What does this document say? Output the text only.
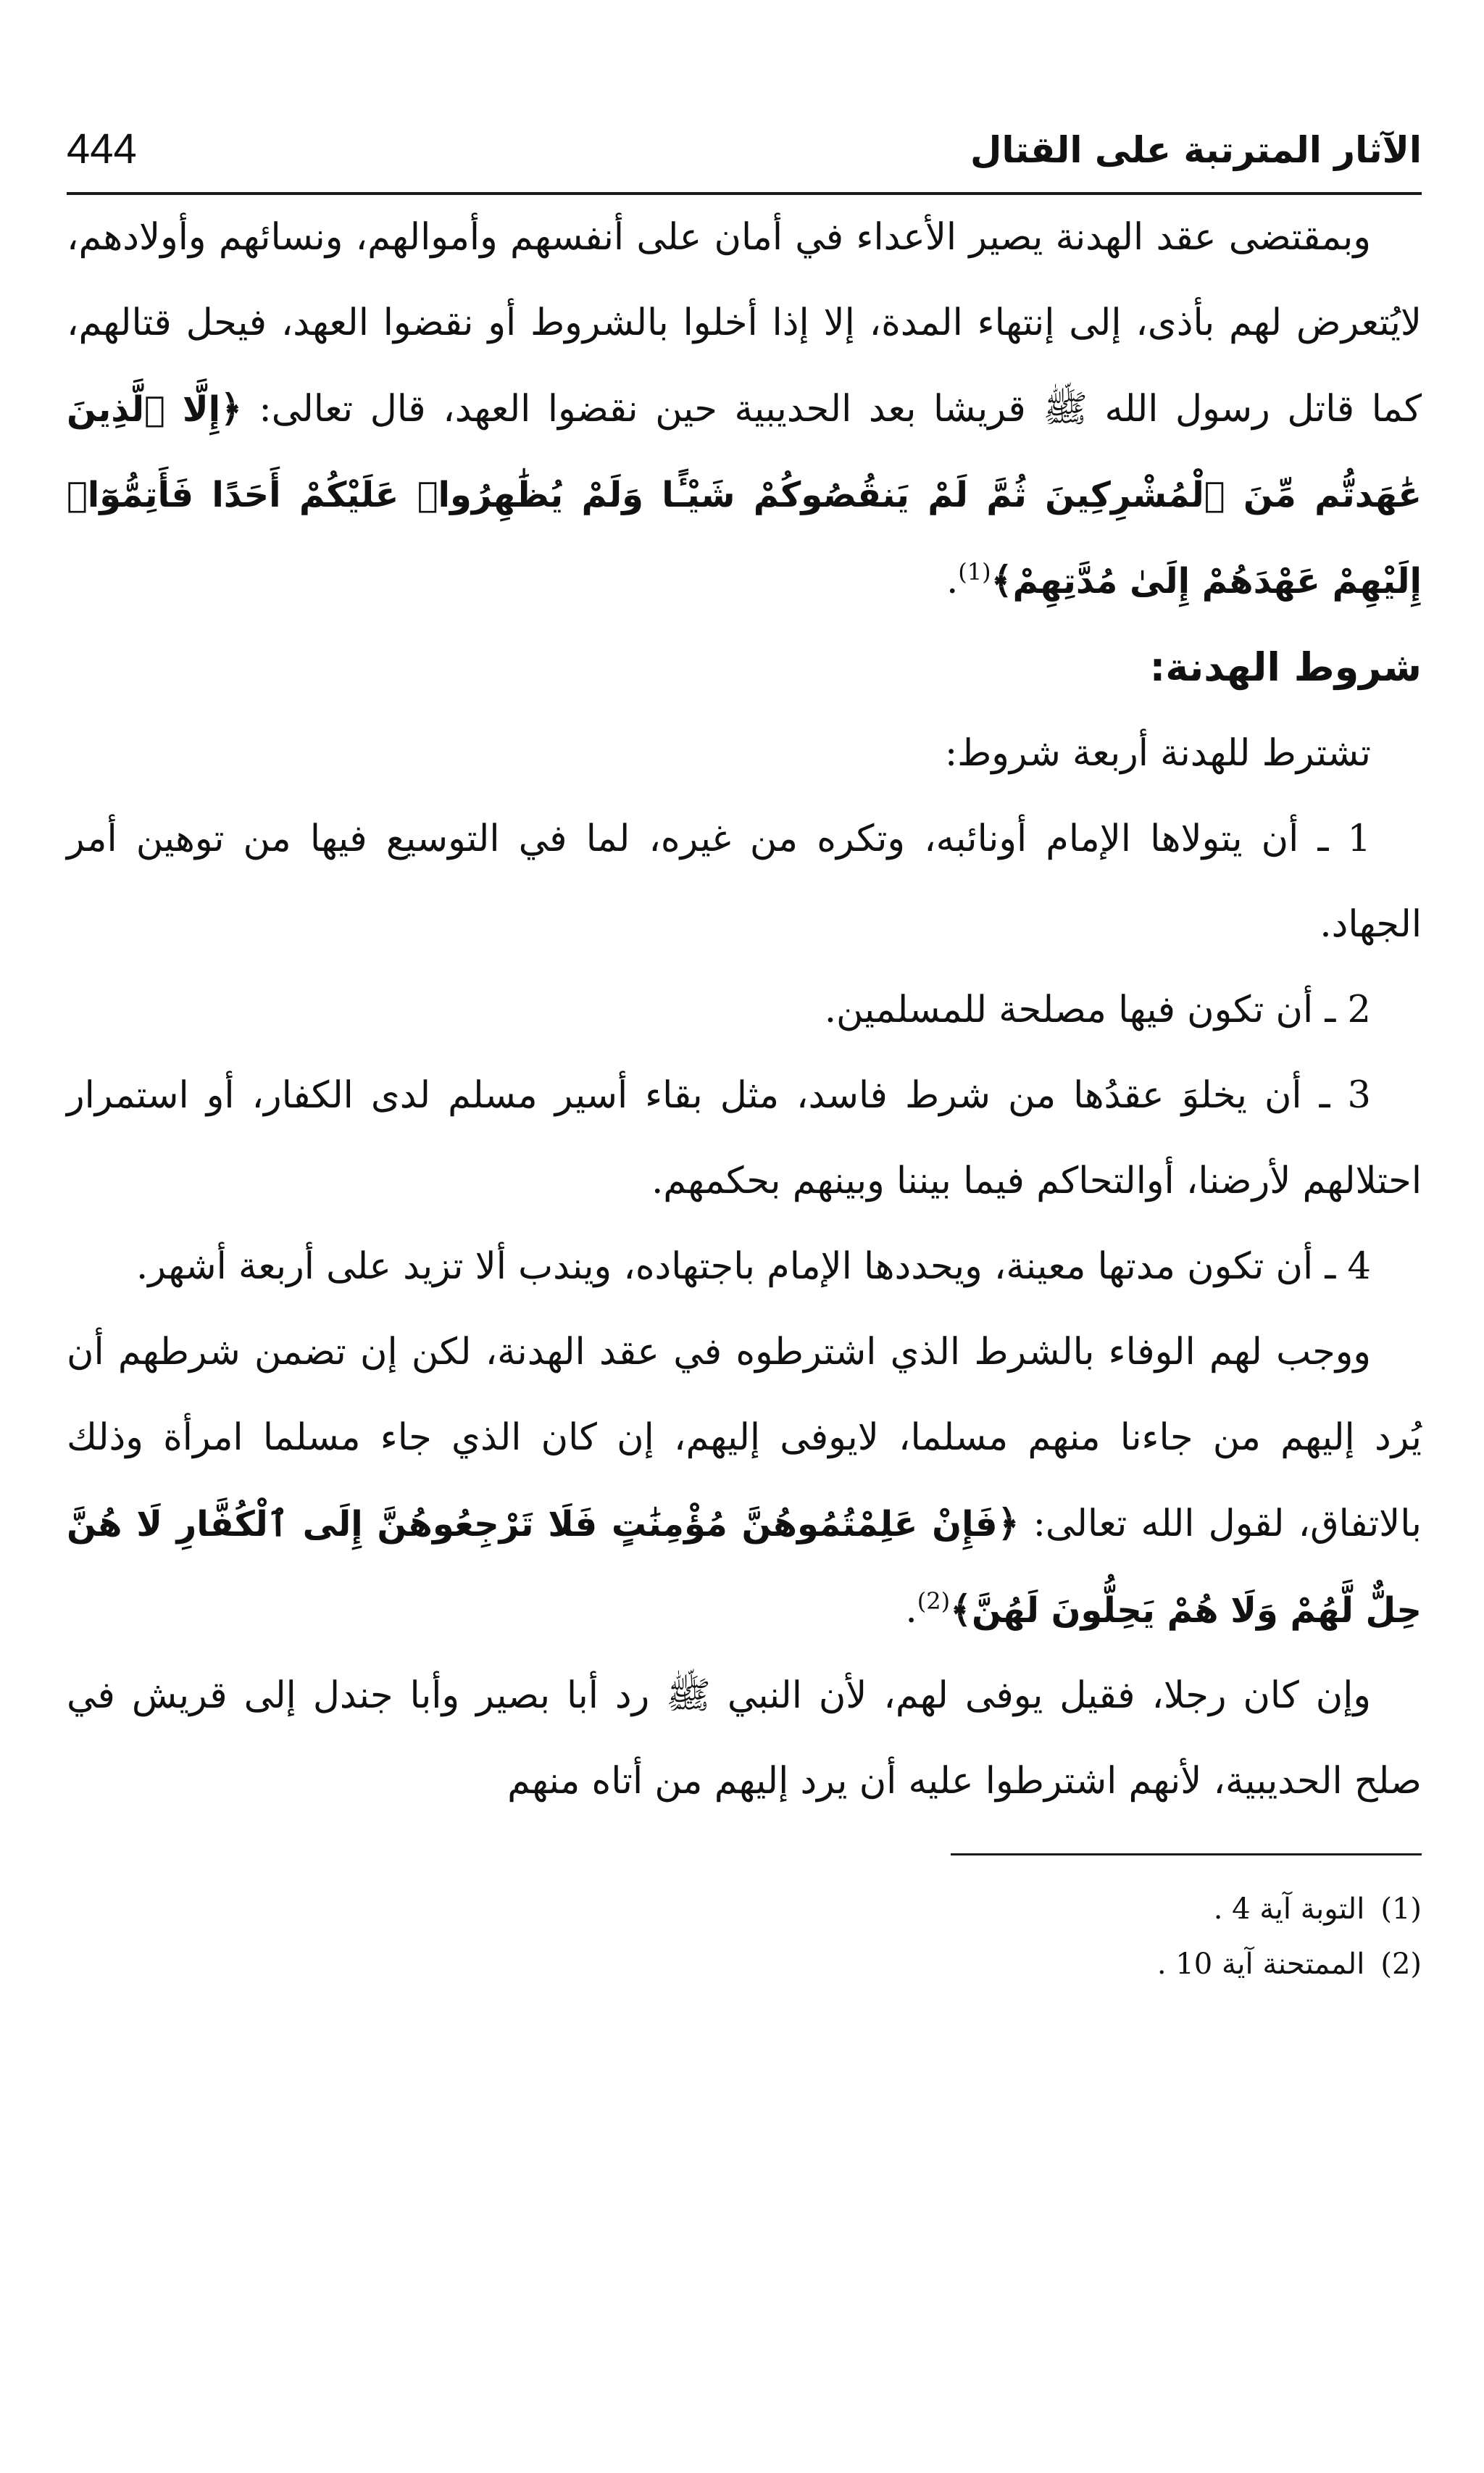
الآثار المترتبة على القتال
444

وبمقتضى عقد الهدنة يصير الأعداء في أمان على أنفسهم وأموالهم، ونسائهم وأولادهم، لايُتعرض لهم بأذى، إلى إنتهاء المدة، إلا إذا أخلوا بالشروط أو نقضوا العهد، فيحل قتالهم، كما قاتل رسول الله ﷺ قريشا بعد الحديبية حين نقضوا العهد، قال تعالى: ﴿إِلَّا ٱلَّذِينَ عَٰهَدتُّم مِّنَ ٱلْمُشْرِكِينَ ثُمَّ لَمْ يَنقُصُوكُمْ شَيْـًٔا وَلَمْ يُظَٰهِرُوا۟ عَلَيْكُمْ أَحَدًا فَأَتِمُّوٓا۟ إِلَيْهِمْ عَهْدَهُمْ إِلَىٰ مُدَّتِهِمْ﴾$^{(1)}$.

شروط الهدنة:

تشترط للهدنة أربعة شروط:

1 ـ أن يتولاها الإمام أونائبه، وتكره من غيره، لما في التوسيع فيها من توهين أمر الجهاد.

2 ـ أن تكون فيها مصلحة للمسلمين.

3 ـ أن يخلوَ عقدُها من شرط فاسد، مثل بقاء أسير مسلم لدى الكفار، أو استمرار احتلالهم لأرضنا، أوالتحاكم فيما بيننا وبينهم بحكمهم.

4 ـ أن تكون مدتها معينة، ويحددها الإمام باجتهاده، ويندب ألا تزيد على أربعة أشهر.

ووجب لهم الوفاء بالشرط الذي اشترطوه في عقد الهدنة، لكن إن تضمن شرطهم أن يُرد إليهم من جاءنا منهم مسلما، لايوفى إليهم، إن كان الذي جاء مسلما امرأة وذلك بالاتفاق، لقول الله تعالى: ﴿فَإِنْ عَلِمْتُمُوهُنَّ مُؤْمِنَٰتٍ فَلَا تَرْجِعُوهُنَّ إِلَى ٱلْكُفَّارِ لَا هُنَّ حِلٌّ لَّهُمْ وَلَا هُمْ يَحِلُّونَ لَهُنَّ﴾$^{(2)}$.

وإن كان رجلا، فقيل يوفى لهم، لأن النبي ﷺ رد أبا بصير وأبا جندل إلى قريش في صلح الحديبية، لأنهم اشترطوا عليه أن يرد إليهم من أتاه منهم

(1)التوبة آية 4 .
(2)الممتحنة آية 10 .
